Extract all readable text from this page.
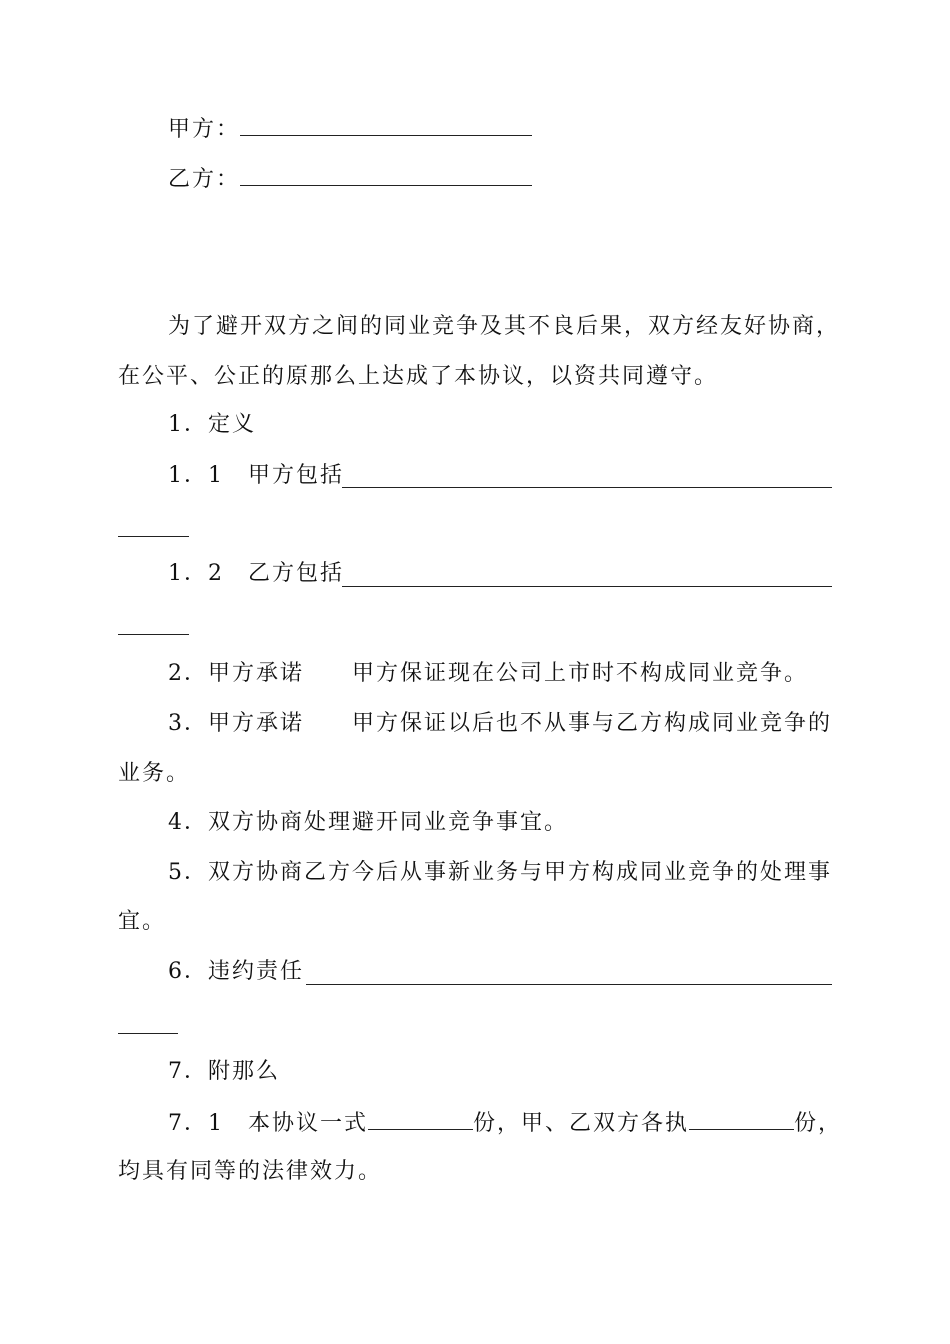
甲方：
乙方：
为了避开双方之间的同业竞争及其不良后果，双方经友好协商，
在公平、公正的原那么上达成了本协议，以资共同遵守。
1．定义
1．1　甲方包括
1．2　乙方包括
2．甲方承诺　　甲方保证现在公司上市时不构成同业竞争。
3．甲方承诺　　甲方保证以后也不从事与乙方构成同业竞争的
业务。
4．双方协商处理避开同业竞争事宜。
5．双方协商乙方今后从事新业务与甲方构成同业竞争的处理事
宜。
6．违约责任
7．附那么
7．1　本协议一式	份，甲、乙双方各执	份，
均具有同等的法律效力。
